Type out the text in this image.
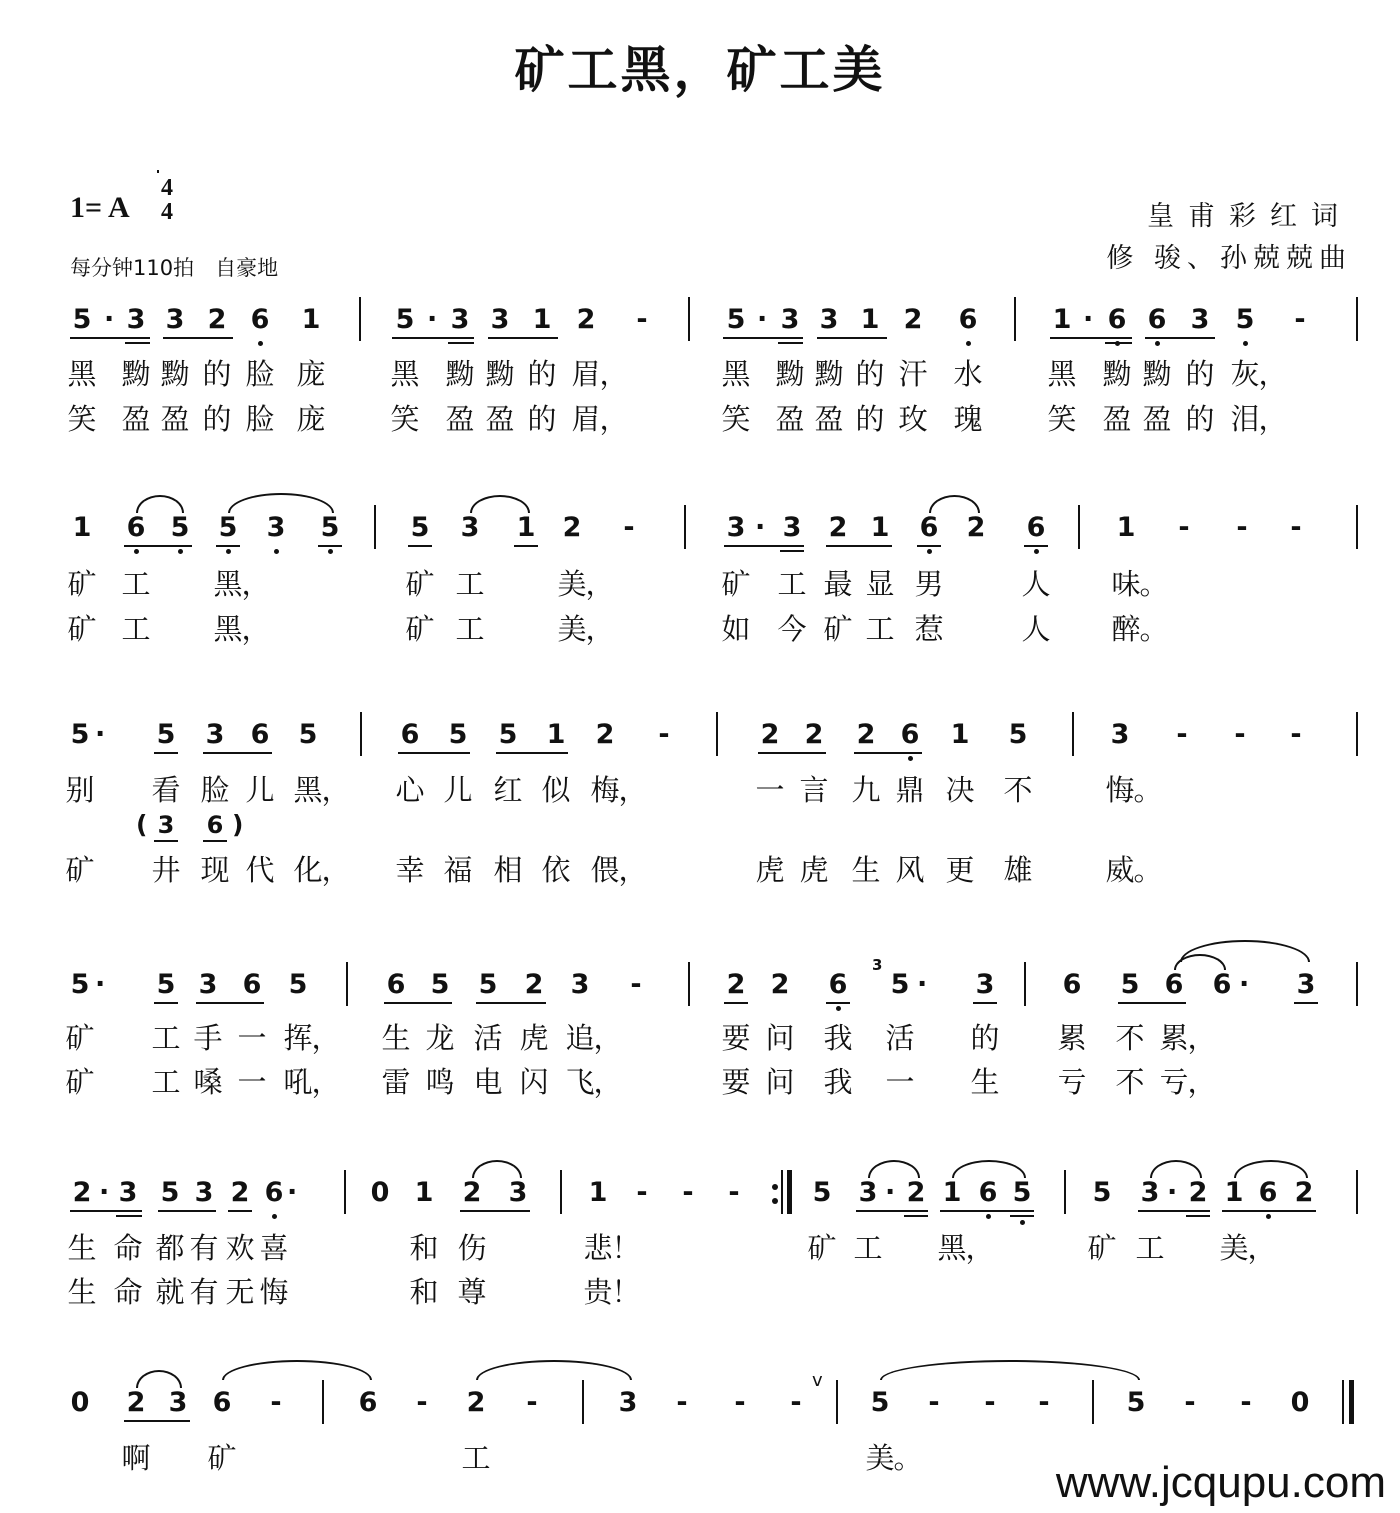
矿工黑，矿工美
1= A
4
4
每分钟110拍　自豪地
皇甫彩红词
修 骏、孙兢兢曲
5 · 3 3 2 6 1	5 · 3 3 1 2	-	5 · 3 3 1 2 6	1 · 6 6 3 5	-
黑 黝 黝 的 脸 庞 黑 黝 黝 的 眉
，	黑 黝 黝 的 汗 水 黑 黝 黝 的 灰
，
笑 盈 盈 的 脸 庞 笑 盈 盈 的 眉
，	笑 盈 盈 的 玫 瑰 笑 盈 盈 的 泪
，
1 6 5 5 3 5	5 3 1 2	-	3 · 3 2 1 6 2 6	1	-	-	-
矿 工 黑
，	矿 工	美
，	矿 工 最 显 男	人 味
。
矿 工 黑
，	矿 工	美
，	如 今 矿 工 惹	人 醉
。
5 · 5 3 6 5	6 5 5 1 2	-	2 2 2 6 1 5	3	-	-	-
别 看 脸 儿 黑
， 心 儿 红 似 梅
，	一 言 九 鼎 决 不	悔
。
( 3	6 )
矿 井 现 代 化
， 幸 福 相 依 偎
，	虎 虎 生 风 更 雄	威
。
5 · 5 3 6 5	6 5 5 2 3	-	2 2 6
3
5 · 3	6 5 6 6 · 3
矿 工 手 一 挥
， 生 龙 活 虎 追
，	要 问 我 活 的 累 不 累
，
矿 工 嗓 一 吼
， 雷 鸣 电 闪 飞
，	要 问 我 一 生 亏 不 亏
，
2 · 3 5 3 2 6 ·	0 1 2 3 1	-	-	-	5 3 · 2 1 6 5 5 3 · 2 1 6 2
生 命 都 有 欢 喜	和 伤	悲
！	矿 工 黑
，	矿 工 美
，
生 命 就 有 无 悔	和 尊	贵
！
0 2 3 6	-	6	-	2	-	3	-	-	-
v
5	-	-	-	5	-	-	0
啊 矿	工	美
。	www.jcqupu.com
